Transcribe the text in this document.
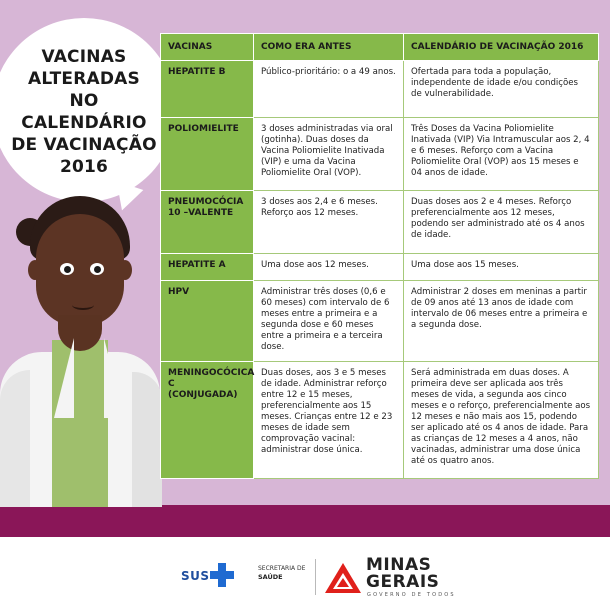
VACINAS
ALTERADAS
NO CALENDÁRIO
DE VACINAÇÃO
2016
VACINAS	COMO ERA ANTES	CALENDÁRIO DE VACINAÇÃO 2016
HEPATITE B	Público-prioritário: o a 49 anos.	Ofertada para toda a população, independente de idade e/ou condições de vulnerabilidade.
POLIOMIELITE	3 doses administradas via oral (gotinha). Duas doses da Vacina Poliomielite Inativada (VIP) e uma da Vacina Poliomielite Oral (VOP).	Três Doses da Vacina Poliomielite Inativada (VIP) Via Intramuscular aos 2, 4 e 6 meses. Reforço com a Vacina Poliomielite Oral (VOP) aos 15 meses e 04 anos de idade.
PNEUMOCÓCIA 10 –VALENTE	3 doses aos 2,4 e 6 meses. Reforço aos 12 meses.	Duas doses aos 2 e 4 meses. Reforço preferencialmente aos 12 meses, podendo ser administrado até os 4 anos de idade.
HEPATITE A	Uma dose aos 12 meses.	Uma dose aos 15 meses.
HPV	Administrar três doses (0,6 e 60 meses) com intervalo de 6 meses entre a primeira e a segunda dose e 60 meses entre a primeira e a terceira dose.	Administrar 2 doses em meninas a partir de 09 anos até 13 anos de idade com intervalo de 06 meses entre a primeira e a segunda dose.
MENINGOCÓCICA C (CONJUGADA)	Duas doses, aos 3 e 5 meses de idade. Administrar reforço entre 12 e 15 meses, preferencialmente aos 15 meses. Crianças entre 12 e 23 meses de idade sem comprovação vacinal: administrar dose única.	Será administrada em duas doses. A primeira deve ser aplicada aos três meses de vida, a segunda aos cinco meses e o reforço, preferencialmente aos 12 meses e não mais aos 15, podendo ser aplicado até os 4 anos de idade. Para as crianças de 12 meses a 4 anos, não vacinadas, administrar uma dose única até os quatro anos.
SUS
SECRETARIA DE
SAÚDE
MINAS
GERAIS
GOVERNO DE TODOS
